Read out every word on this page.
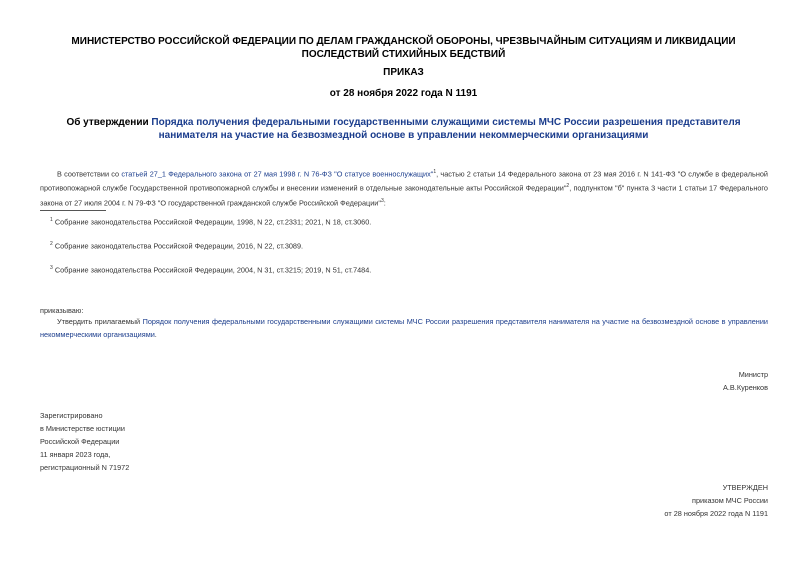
МИНИСТЕРСТВО РОССИЙСКОЙ ФЕДЕРАЦИИ ПО ДЕЛАМ ГРАЖДАНСКОЙ ОБОРОНЫ, ЧРЕЗВЫЧАЙНЫМ СИТУАЦИЯМ И ЛИКВИДАЦИИ ПОСЛЕДСТВИЙ СТИХИЙНЫХ БЕДСТВИЙ
ПРИКАЗ
от 28 ноября 2022 года N 1191
Об утверждении Порядка получения федеральными государственными служащими системы МЧС России разрешения представителя нанимателя на участие на безвозмездной основе в управлении некоммерческими организациями
В соответствии со статьей 27_1 Федерального закона от 27 мая 1998 г. N 76-ФЗ "О статусе военнослужащих"$^1$, частью 2 статьи 14 Федерального закона от 23 мая 2016 г. N 141-ФЗ "О службе в федеральной противопожарной службе Государственной противопожарной службы и внесении изменений в отдельные законодательные акты Российской Федерации"$^2$, подпунктом "б" пункта 3 части 1 статьи 17 Федерального закона от 27 июля 2004 г. N 79-ФЗ "О государственной гражданской службе Российской Федерации"$^3$:
$^1$ Собрание законодательства Российской Федерации, 1998, N 22, ст.2331; 2021, N 18, ст.3060.
$^2$ Собрание законодательства Российской Федерации, 2016, N 22, ст.3089.
$^3$ Собрание законодательства Российской Федерации, 2004, N 31, ст.3215; 2019, N 51, ст.7484.
приказываю:
Утвердить прилагаемый Порядок получения федеральными государственными служащими системы МЧС России разрешения представителя нанимателя на участие на безвозмездной основе в управлении некоммерческими организациями.
Министр
А.В.Куренков
Зарегистрировано
в Министерстве юстиции
Российской Федерации
11 января 2023 года,
регистрационный N 71972
УТВЕРЖДЕН
приказом МЧС России
от 28 ноября 2022 года N 1191
